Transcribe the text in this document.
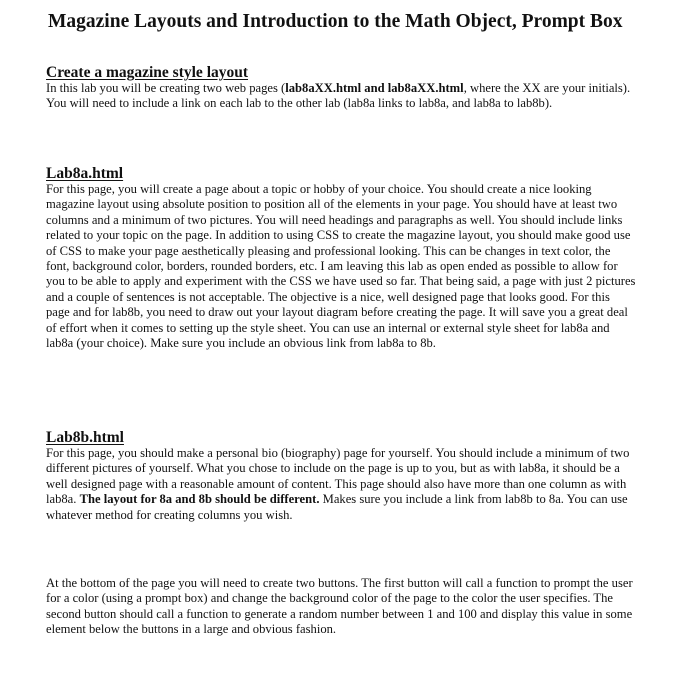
Magazine Layouts and Introduction to the Math Object, Prompt Box
Create a magazine style layout

In this lab you will be creating two web pages (lab8aXX.html and lab8aXX.html, where the XX are your initials). You will need to include a link on each lab to the other lab (lab8a links to lab8a, and lab8a to lab8b).

Lab8a.html

For this page, you will create a page about a topic or hobby of your choice. You should create a nice looking magazine layout using absolute position to position all of the elements in your page. You should have at least two columns and a minimum of two pictures. You will need headings and paragraphs as well. You should include links related to your topic on the page. In addition to using CSS to create the magazine layout, you should make good use of CSS to make your page aesthetically pleasing and professional looking. This can be changes in text color, the font, background color, borders, rounded borders, etc. I am leaving this lab as open ended as possible to allow for you to be able to apply and experiment with the CSS we have used so far. That being said, a page with just 2 pictures and a couple of sentences is not acceptable. The objective is a nice, well designed page that looks good. For this page and for lab8b, you need to draw out your layout diagram before creating the page. It will save you a great deal of effort when it comes to setting up the style sheet. You can use an internal or external style sheet for lab8a and lab8a (your choice). Make sure you include an obvious link from lab8a to 8b.

Lab8b.html

For this page, you should make a personal bio (biography) page for yourself. You should include a minimum of two different pictures of yourself. What you chose to include on the page is up to you, but as with lab8a, it should be a well designed page with a reasonable amount of content. This page should also have more than one column as with lab8a. The layout for 8a and 8b should be different. Makes sure you include a link from lab8b to 8a. You can use whatever method for creating columns you wish.

At the bottom of the page you will need to create two buttons. The first button will call a function to prompt the user for a color (using a prompt box) and change the background color of the page to the color the user specifies. The second button should call a function to generate a random number between 1 and 100 and display this value in some element below the buttons in a large and obvious fashion.
